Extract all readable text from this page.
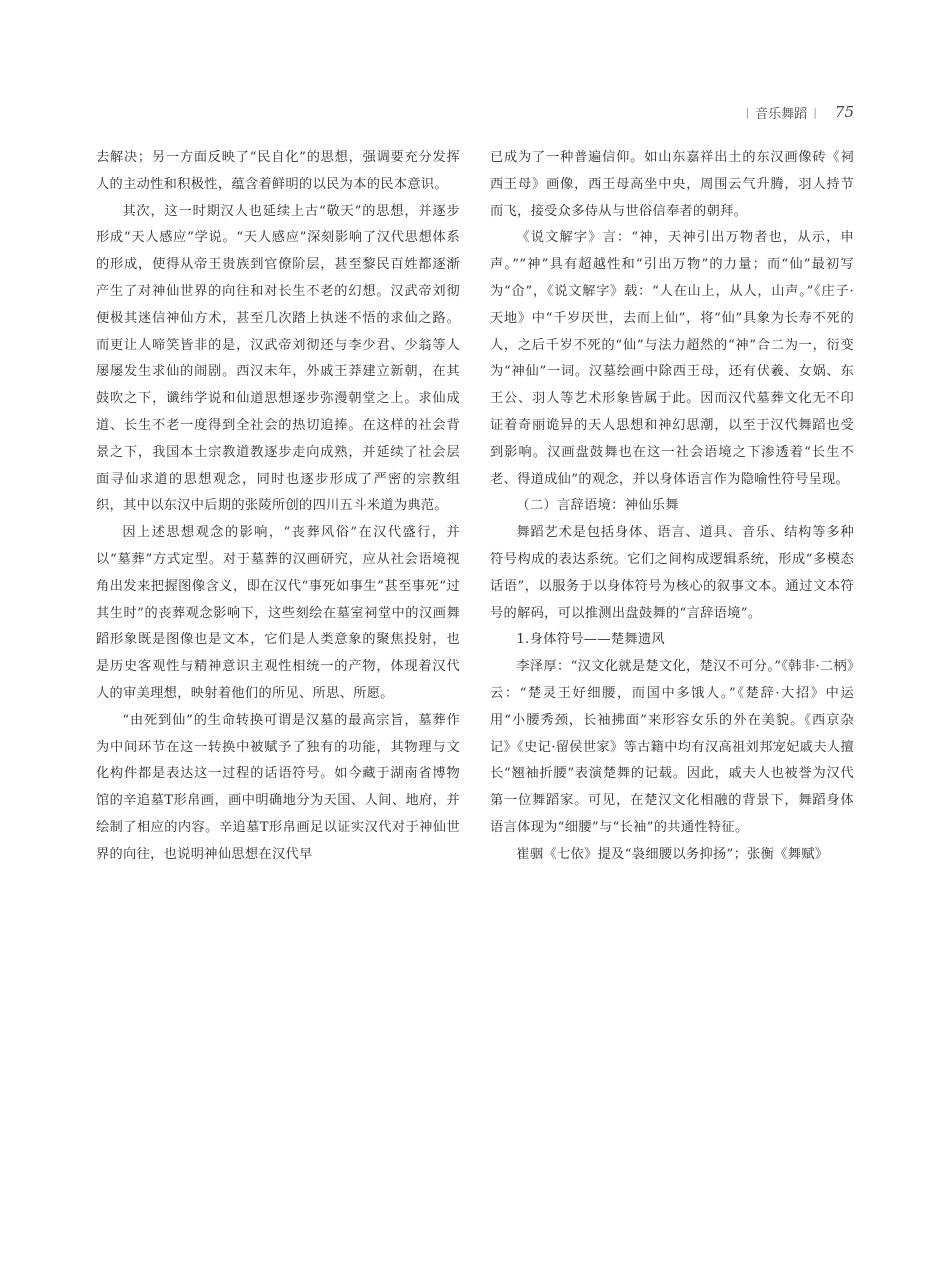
| 音乐舞蹈 | 75

去解决；另一方面反映了“民自化”的思想，强调要充分发挥人的主动性和积极性，蕴含着鲜明的以民为本的民本意识。

其次，这一时期汉人也延续上古“敬天”的思想，并逐步形成“天人感应”学说。“天人感应”深刻影响了汉代思想体系的形成，使得从帝王贵族到官僚阶层，甚至黎民百姓都逐渐产生了对神仙世界的向往和对长生不老的幻想。汉武帝刘彻便极其迷信神仙方术，甚至几次踏上执迷不悟的求仙之路。而更让人啼笑皆非的是，汉武帝刘彻还与李少君、少翁等人屡屡发生求仙的闹剧。西汉末年，外戚王莽建立新朝，在其鼓吹之下，谶纬学说和仙道思想逐步弥漫朝堂之上。求仙成道、长生不老一度得到全社会的热切追捧。在这样的社会背景之下，我国本土宗教道教逐步走向成熟，并延续了社会层面寻仙求道的思想观念，同时也逐步形成了严密的宗教组织，其中以东汉中后期的张陵所创的四川五斗米道为典范。

因上述思想观念的影响，“丧葬风俗”在汉代盛行，并以“墓葬”方式定型。对于墓葬的汉画研究，应从社会语境视角出发来把握图像含义，即在汉代“事死如事生”甚至事死“过其生时”的丧葬观念影响下，这些刻绘在墓室祠堂中的汉画舞蹈形象既是图像也是文本，它们是人类意象的聚焦投射，也是历史客观性与精神意识主观性相统一的产物，体现着汉代人的审美理想，映射着他们的所见、所思、所愿。

“由死到仙”的生命转换可谓是汉墓的最高宗旨，墓葬作为中间环节在这一转换中被赋予了独有的功能，其物理与文化构件都是表达这一过程的话语符号。如今藏于湖南省博物馆的辛追墓T形帛画，画中明确地分为天国、人间、地府，并绘制了相应的内容。辛追墓T形帛画足以证实汉代对于神仙世界的向往，也说明神仙思想在汉代早

已成为了一种普遍信仰。如山东嘉祥出土的东汉画像砖《祠西王母》画像，西王母高坐中央，周围云气升腾，羽人持节而飞，接受众多侍从与世俗信奉者的朝拜。

《说文解字》言：“神，天神引出万物者也，从示，申声。”“神”具有超越性和“引出万物”的力量；而“仙”最初写为“仚”，《说文解字》载：“人在山上，从人，山声。”《庄子·天地》中“千岁厌世，去而上仙”，将“仙”具象为长寿不死的人，之后千岁不死的“仙”与法力超然的“神”合二为一，衍变为“神仙”一词。汉墓绘画中除西王母，还有伏羲、女娲、东王公、羽人等艺术形象皆属于此。因而汉代墓葬文化无不印证着奇丽诡异的天人思想和神幻思潮，以至于汉代舞蹈也受到影响。汉画盘鼓舞也在这一社会语境之下渗透着“长生不老、得道成仙”的观念，并以身体语言作为隐喻性符号呈现。

（二）言辞语境：神仙乐舞

舞蹈艺术是包括身体、语言、道具、音乐、结构等多种符号构成的表达系统。它们之间构成逻辑系统，形成“多模态话语”，以服务于以身体符号为核心的叙事文本。通过文本符号的解码，可以推测出盘鼓舞的“言辞语境”。

1.身体符号——楚舞遗风

李泽厚：“汉文化就是楚文化，楚汉不可分。”《韩非·二柄》云：“楚灵王好细腰，而国中多饿人。”《楚辞·大招》中运用“小腰秀颈，长袖拂面”来形容女乐的外在美貌。《西京杂记》《史记·留侯世家》等古籍中均有汉高祖刘邦宠妃戚夫人擅长“翘袖折腰”表演楚舞的记载。因此，戚夫人也被誉为汉代第一位舞蹈家。可见，在楚汉文化相融的背景下，舞蹈身体语言体现为“细腰”与“长袖”的共通性特征。

崔骃《七依》提及“袅细腰以务抑扬”；张衡《舞赋》
